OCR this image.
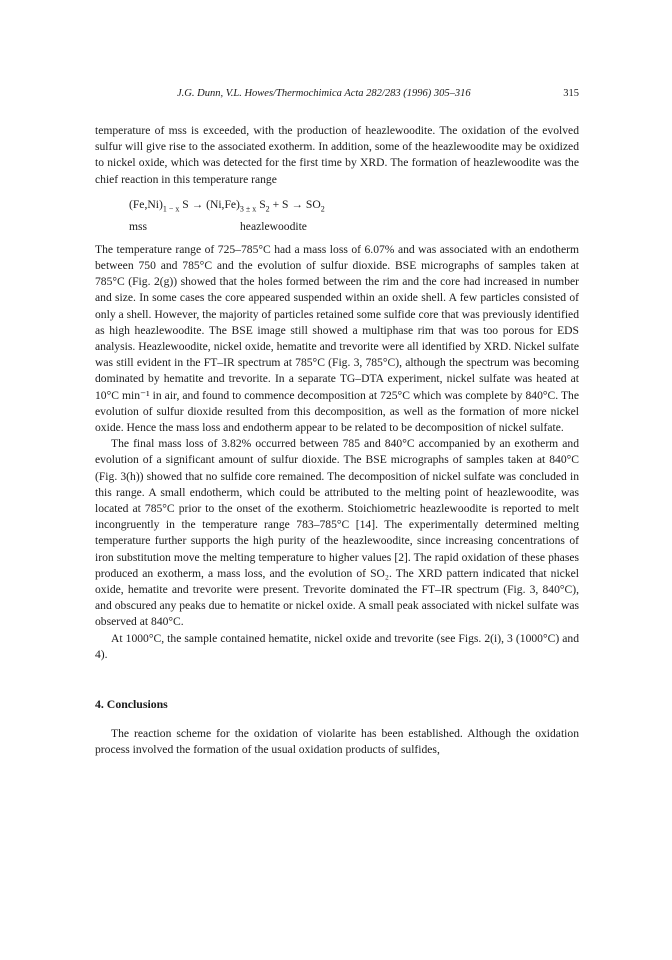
J.G. Dunn, V.L. Howes/Thermochimica Acta 282/283 (1996) 305–316	315

temperature of mss is exceeded, with the production of heazlewoodite. The oxidation of the evolved sulfur will give rise to the associated exotherm. In addition, some of the heazlewoodite may be oxidized to nickel oxide, which was detected for the first time by XRD. The formation of heazlewoodite was the chief reaction in this temperature range

$(Fe,Ni)_{1 - x}$ $S \to (Ni,Fe)_{3 \pm x}$ $S_2 + S \to SO_2$
mss	heazlewoodite

The temperature range of 725–785°C had a mass loss of 6.07% and was associated with an endotherm between 750 and 785°C and the evolution of sulfur dioxide. BSE micrographs of samples taken at 785°C (Fig. 2(g)) showed that the holes formed between the rim and the core had increased in number and size. In some cases the core appeared suspended within an oxide shell. A few particles consisted of only a shell. However, the majority of particles retained some sulfide core that was previously identified as high heazlewoodite. The BSE image still showed a multiphase rim that was too porous for EDS analysis. Heazlewoodite, nickel oxide, hematite and trevorite were all identified by XRD. Nickel sulfate was still evident in the FT–IR spectrum at 785°C (Fig. 3, 785°C), although the spectrum was becoming dominated by hematite and trevorite. In a separate TG–DTA experiment, nickel sulfate was heated at 10°C min⁻¹ in air, and found to commence decomposition at 725°C which was complete by 840°C. The evolution of sulfur dioxide resulted from this decomposition, as well as the formation of more nickel oxide. Hence the mass loss and endotherm appear to be related to be decomposition of nickel sulfate.

The final mass loss of 3.82% occurred between 785 and 840°C accompanied by an exotherm and evolution of a significant amount of sulfur dioxide. The BSE micrographs of samples taken at 840°C (Fig. 3(h)) showed that no sulfide core remained. The decomposition of nickel sulfate was concluded in this range. A small endotherm, which could be attributed to the melting point of heazlewoodite, was located at 785°C prior to the onset of the exotherm. Stoichiometric heazlewoodite is reported to melt incongruently in the temperature range 783–785°C [14]. The experimentally determined melting temperature further supports the high purity of the heazlewoodite, since increasing concentrations of iron substitution move the melting temperature to higher values [2]. The rapid oxidation of these phases produced an exotherm, a mass loss, and the evolution of SO₂. The XRD pattern indicated that nickel oxide, hematite and trevorite were present. Trevorite dominated the FT–IR spectrum (Fig. 3, 840°C), and obscured any peaks due to hematite or nickel oxide. A small peak associated with nickel sulfate was observed at 840°C.

At 1000°C, the sample contained hematite, nickel oxide and trevorite (see Figs. 2(i), 3 (1000°C) and 4).

4. Conclusions

The reaction scheme for the oxidation of violarite has been established. Although the oxidation process involved the formation of the usual oxidation products of sulfides,
